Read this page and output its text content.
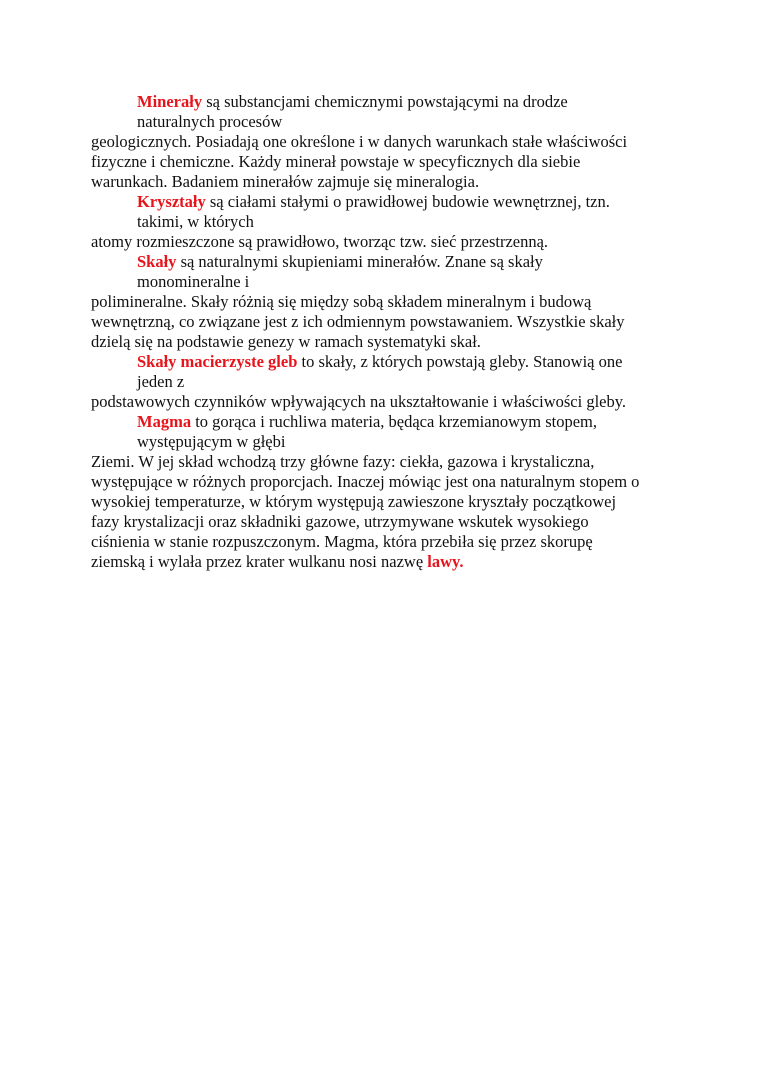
Minerały są substancjami chemicznymi powstającymi na drodze

naturalnych procesów

geologicznych. Posiadają one określone i w danych warunkach stałe właściwości

fizyczne i chemiczne. Każdy minerał powstaje w specyficznych dla siebie

warunkach. Badaniem minerałów zajmuje się mineralogia.

Kryształy są ciałami stałymi o prawidłowej budowie wewnętrznej, tzn.

takimi, w których

atomy rozmieszczone są prawidłowo, tworząc tzw. sieć przestrzenną.

Skały są naturalnymi skupieniami minerałów. Znane są skały

monomineralne i

polimineralne. Skały różnią się między sobą składem mineralnym i budową

wewnętrzną, co związane jest z ich odmiennym powstawaniem. Wszystkie skały

dzielą się na podstawie genezy w ramach systematyki skał.

Skały macierzyste gleb to skały, z których powstają gleby. Stanowią one

jeden z

podstawowych czynników wpływających na ukształtowanie i właściwości gleby.

Magma to gorąca i ruchliwa materia, będąca krzemianowym stopem,

występującym w głębi

Ziemi. W jej skład wchodzą trzy główne fazy: ciekła, gazowa i krystaliczna,

występujące w różnych proporcjach. Inaczej mówiąc jest ona naturalnym stopem o

wysokiej temperaturze, w którym występują zawieszone kryształy początkowej

fazy krystalizacji oraz składniki gazowe, utrzymywane wskutek wysokiego

ciśnienia w stanie rozpuszczonym. Magma, która przebiła się przez skorupę

ziemską i wylała przez krater wulkanu nosi nazwę lawy.
